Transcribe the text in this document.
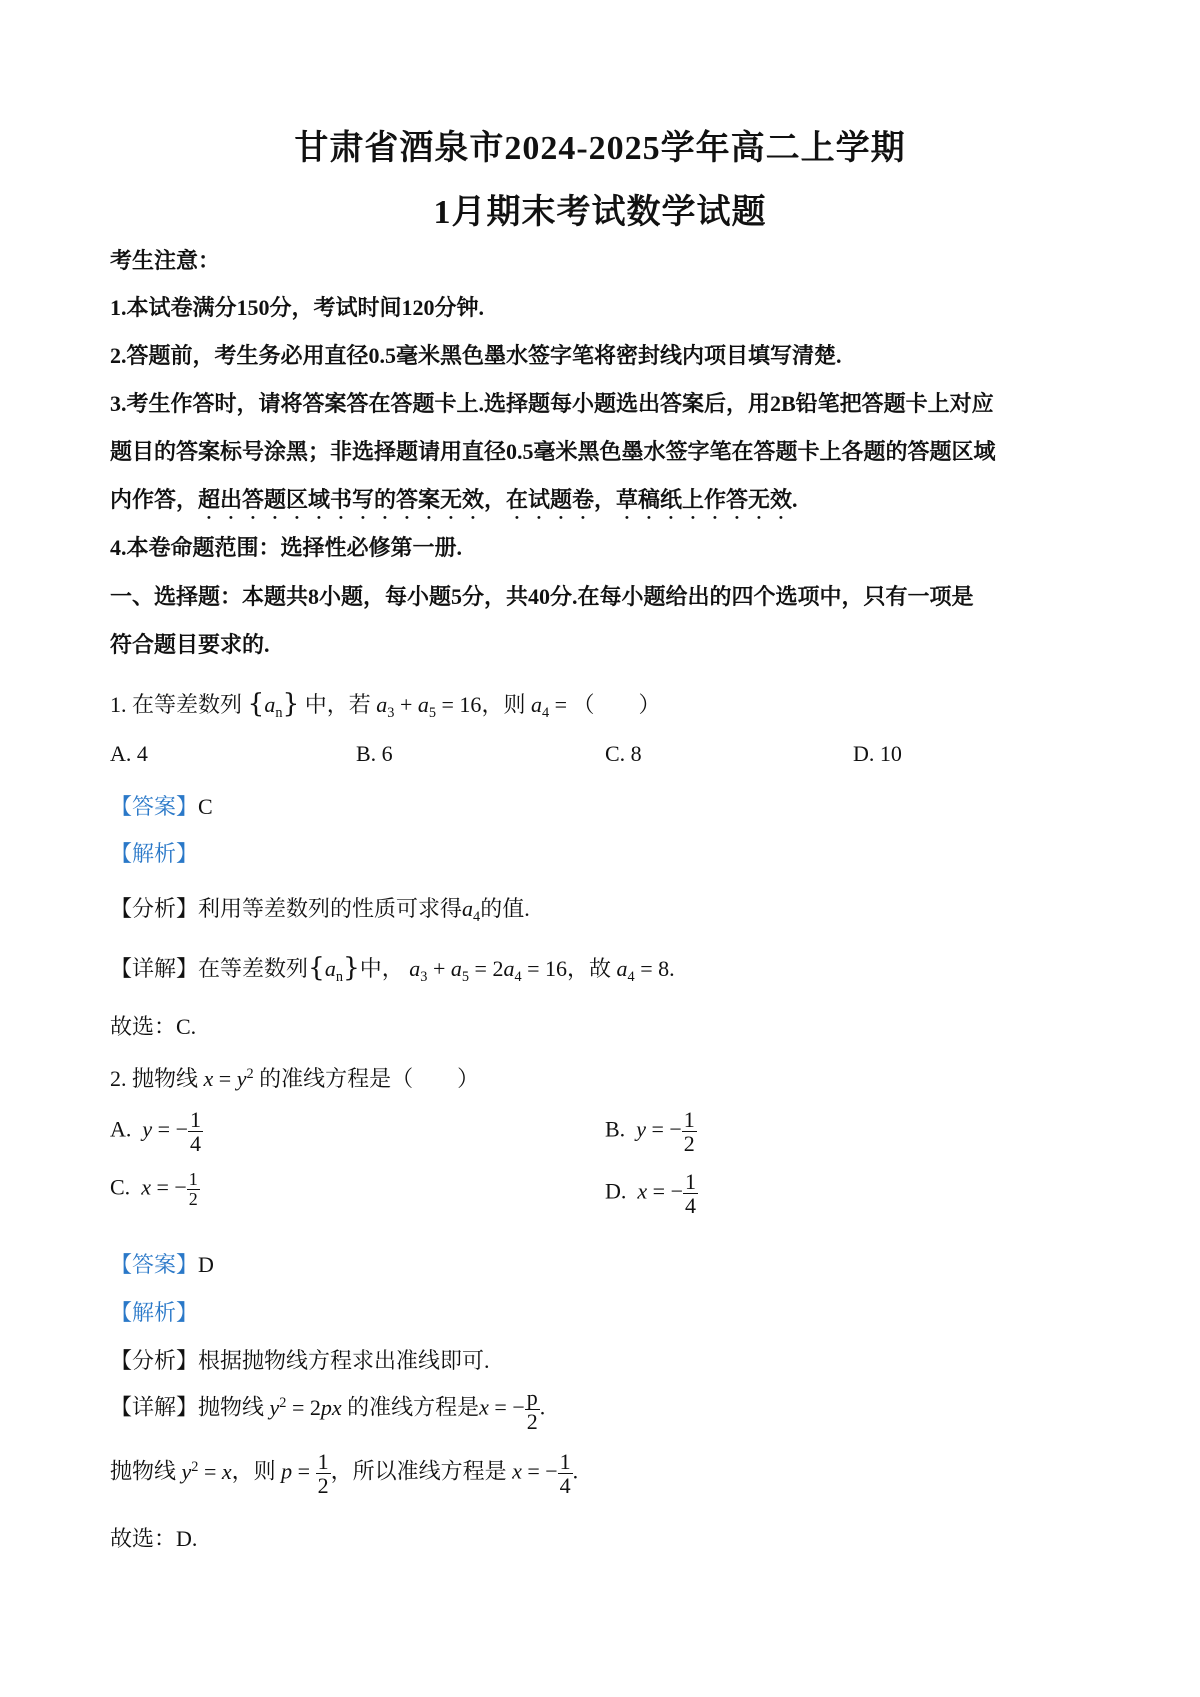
甘肃省酒泉市2024-2025学年高二上学期
1月期末考试数学试题
考生注意：
1.本试卷满分150分，考试时间120分钟.
2.答题前，考生务必用直径0.5毫米黑色墨水签字笔将密封线内项目填写清楚.
3.考生作答时，请将答案答在答题卡上.选择题每小题选出答案后，用2B铅笔把答题卡上对应
题目的答案标号涂黑；非选择题请用直径0.5毫米黑色墨水签字笔在答题卡上各题的答题区域
内作答，超出答题区域书写的答案无效，在试题卷，草稿纸上作答无效.
4.本卷命题范围：选择性必修第一册.
一、选择题：本题共8小题，每小题5分，共40分.在每小题给出的四个选项中，只有一项是
符合题目要求的.
1. 在等差数列 $\{a_n\}$ 中，若 $a_3 + a_5 = 16$，则 $a_4$ = （　　）
A. 4	B. 6	C. 8	D. 10
【答案】C
【解析】
【分析】利用等差数列的性质可求得$a_4$的值.
【详解】在等差数列$\{a_n\}$中， $a_3 + a_5 = 2a_4 = 16$，故 $a_4 = 8$.
故选：C.
2. 抛物线 $x = y^2$ 的准线方程是（　　）
A. y = − $\frac{1}{4}$	B. y = − $\frac{1}{2}$
C. x = − $\frac{1}{2}$	D. x = − $\frac{1}{4}$
【答案】D
【解析】
【分析】根据抛物线方程求出准线即可.
【详解】抛物线 $y^2 = 2px$ 的准线方程是x = − $\frac{p}{2}$ .
抛物线 $y^2 = x$，则 $p = \frac{1}{2}$ ，所以准线方程是 x = − $\frac{1}{4}$ .
故选：D.
